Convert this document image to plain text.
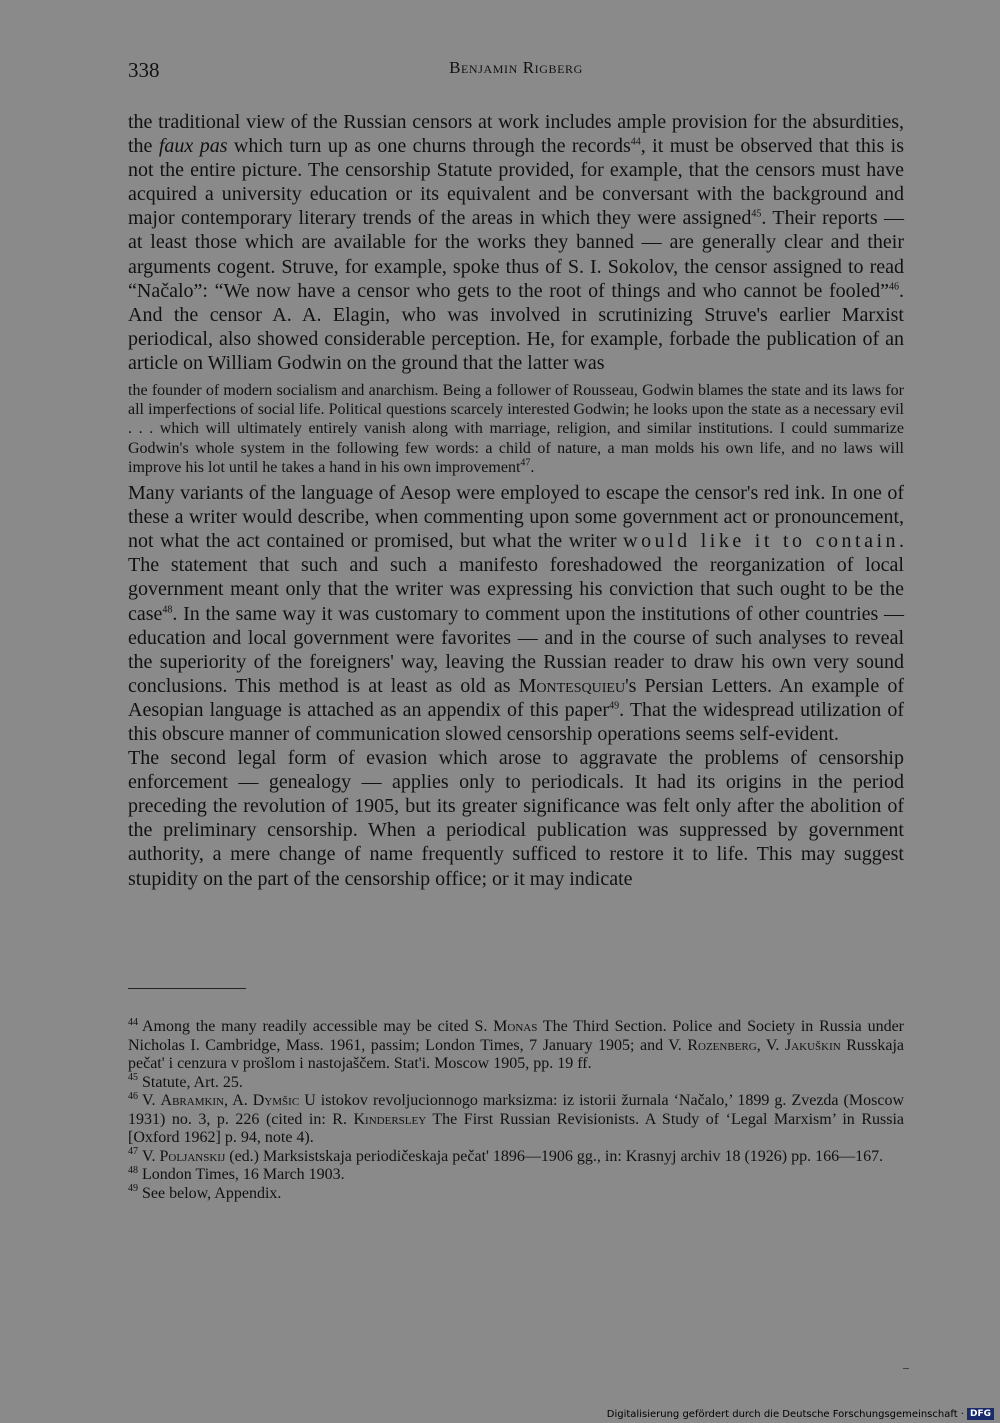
338	Benjamin Rigberg

the traditional view of the Russian censors at work includes ample provision for the absurdities, the faux pas which turn up as one churns through the records$^{44}$, it must be observed that this is not the entire picture. The censorship Statute provided, for example, that the censors must have acquired a university education or its equivalent and be conversant with the background and major contemporary literary trends of the areas in which they were assigned$^{45}$. Their reports — at least those which are available for the works they banned — are generally clear and their arguments cogent. Struve, for example, spoke thus of S. I. Sokolov, the censor assigned to read “Načalo”: “We now have a censor who gets to the root of things and who cannot be fooled”$^{46}$. And the censor A. A. Elagin, who was involved in scrutinizing Struve's earlier Marxist periodical, also showed considerable perception. He, for example, forbade the publication of an article on William Godwin on the ground that the latter was

the founder of modern socialism and anarchism. Being a follower of Rousseau, Godwin blames the state and its laws for all imperfections of social life. Political questions scarcely interested Godwin; he looks upon the state as a necessary evil . . . which will ultimately entirely vanish along with marriage, religion, and similar institutions. I could summarize Godwin's whole system in the following few words: a child of nature, a man molds his own life, and no laws will improve his lot until he takes a hand in his own improvement$^{47}$.

Many variants of the language of Aesop were employed to escape the censor's red ink. In one of these a writer would describe, when commenting upon some government act or pronouncement, not what the act contained or promised, but what the writer would like it to contain. The statement that such and such a manifesto foreshadowed the reorganization of local government meant only that the writer was expressing his conviction that such ought to be the case$^{48}$. In the same way it was customary to comment upon the institutions of other countries — education and local government were favorites — and in the course of such analyses to reveal the superiority of the foreigners' way, leaving the Russian reader to draw his own very sound conclusions. This method is at least as old as Montesquieu's Persian Letters. An example of Aesopian language is attached as an appendix of this paper$^{49}$. That the widespread utilization of this obscure manner of communication slowed censorship operations seems self-evident.

The second legal form of evasion which arose to aggravate the problems of censorship enforcement — genealogy — applies only to periodicals. It had its origins in the period preceding the revolution of 1905, but its greater significance was felt only after the abolition of the preliminary censorship. When a periodical publication was suppressed by government authority, a mere change of name frequently sufficed to restore it to life. This may suggest stupidity on the part of the censorship office; or it may indicate

$^{44}$ Among the many readily accessible may be cited S. Monas The Third Section. Police and Society in Russia under Nicholas I. Cambridge, Mass. 1961, passim; London Times, 7 January 1905; and V. Rozenberg, V. Jakuškin Russkaja pečat' i cenzura v prošlom i nastojaščem. Stat'i. Moscow 1905, pp. 19 ff.

$^{45}$ Statute, Art. 25.

$^{46}$ V. Abramkin, A. Dymšic U istokov revoljucionnogo marksizma: iz istorii žurnala ‘Načalo,’ 1899 g. Zvezda (Moscow 1931) no. 3, p. 226 (cited in: R. Kindersley The First Russian Revisionists. A Study of ‘Legal Marxism’ in Russia [Oxford 1962] p. 94, note 4).

$^{47}$ V. Poljanskij (ed.) Marksistskaja periodičeskaja pečat' 1896—1906 gg., in: Krasnyj archiv 18 (1926) pp. 166—167.

$^{48}$ London Times, 16 March 1903.

$^{49}$ See below, Appendix.

Digitalisierung gefördert durch die Deutsche Forschungsgemeinschaft · DFG
